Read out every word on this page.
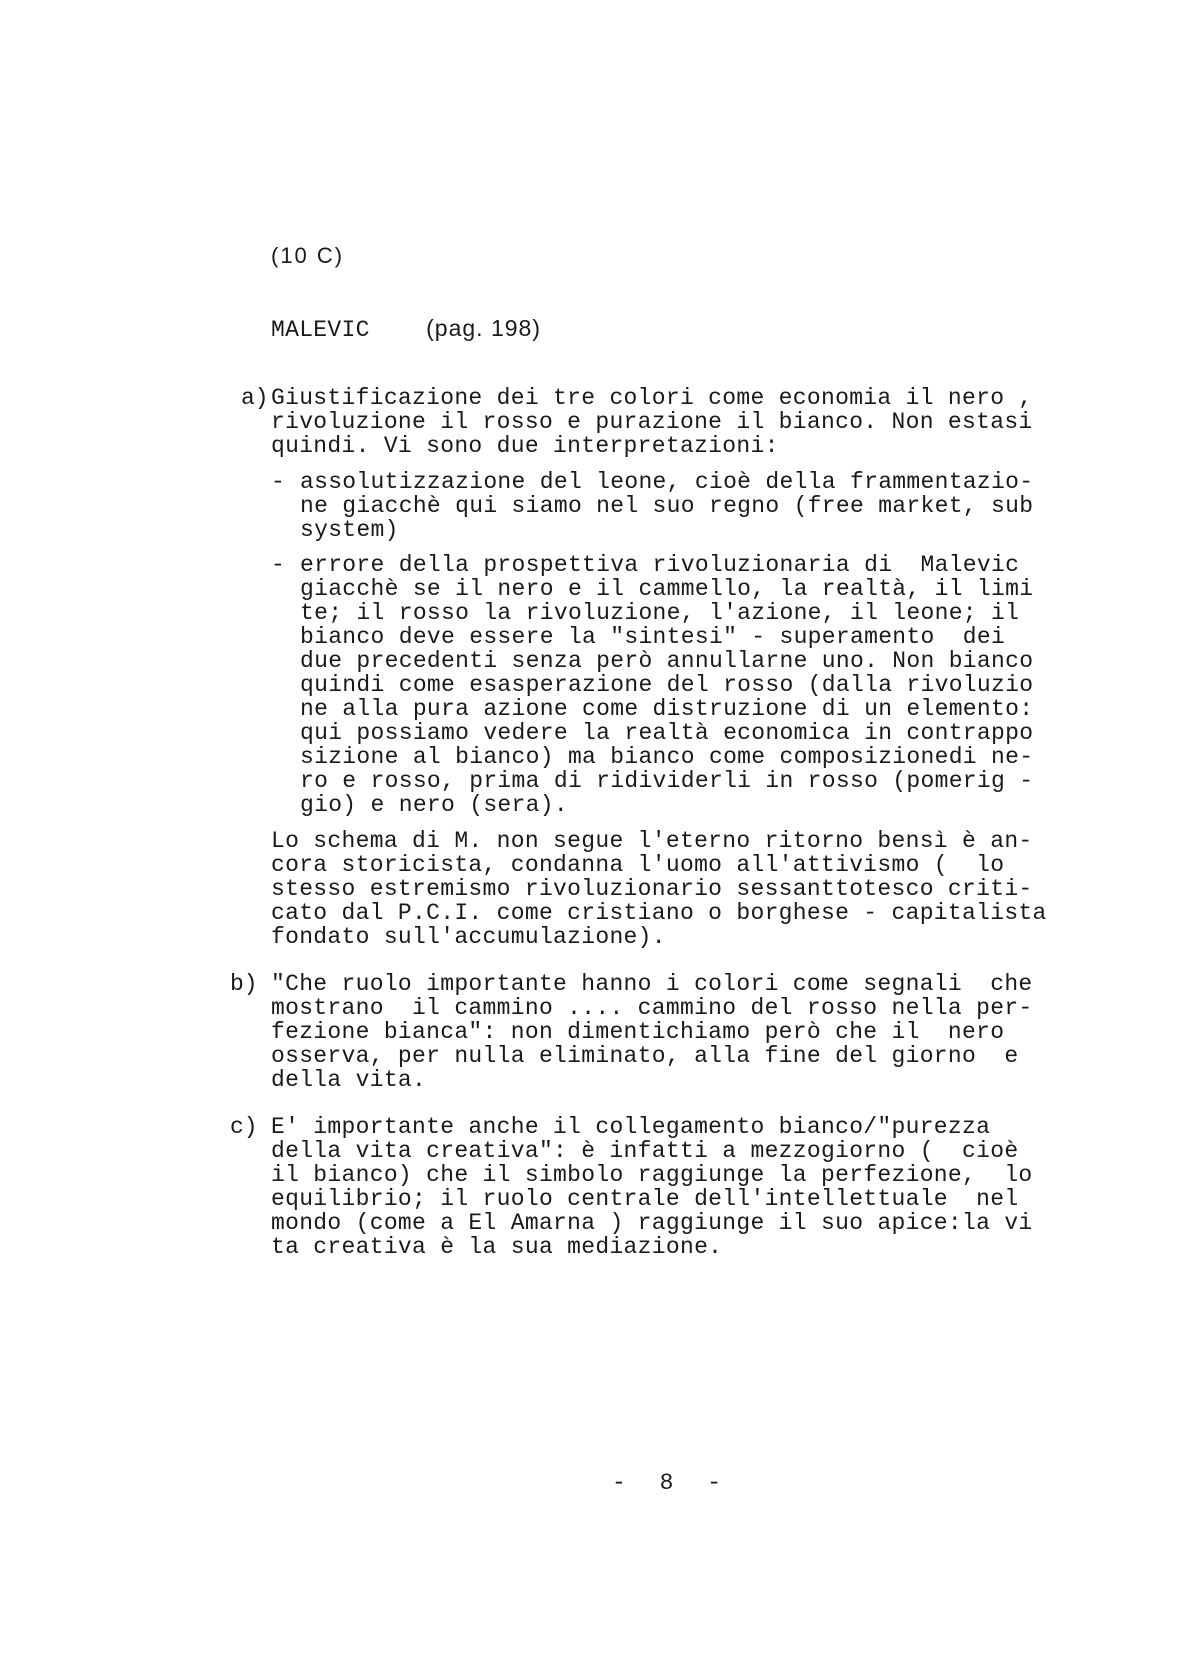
(10 C)
MALEVIC (pag. 198)
a) Giustificazione dei tre colori come economia il nero ,
rivoluzione il rosso e purazione il bianco. Non estasi
quindi. Vi sono due interpretazioni:
- assolutizzazione del leone, cioè della frammentazio-
ne giacchè qui siamo nel suo regno (free market, sub
system)
- errore della prospettiva rivoluzionaria di  Malevic
giacchè se il nero e il cammello, la realtà, il limi
te; il rosso la rivoluzione, l'azione, il leone; il
bianco deve essere la "sintesi" - superamento  dei
due precedenti senza però annullarne uno. Non bianco
quindi come esasperazione del rosso (dalla rivoluzio
ne alla pura azione come distruzione di un elemento:
qui possiamo vedere la realtà economica in contrappo
sizione al bianco) ma bianco come composizionedi ne-
ro e rosso, prima di ridividerli in rosso (pomerig -
gio) e nero (sera).
Lo schema di M. non segue l'eterno ritorno bensì è an-
cora storicista, condanna l'uomo all'attivismo (  lo
stesso estremismo rivoluzionario sessanttotesco criti-
cato dal P.C.I. come cristiano o borghese - capitalista
fondato sull'accumulazione).
b) "Che ruolo importante hanno i colori come segnali  che
mostrano  il cammino .... cammino del rosso nella per-
fezione bianca": non dimentichiamo però che il  nero
osserva, per nulla eliminato, alla fine del giorno  e
della vita.
c) E' importante anche il collegamento bianco/"purezza
della vita creativa": è infatti a mezzogiorno (  cioè
il bianco) che il simbolo raggiunge la perfezione,  lo
equilibrio; il ruolo centrale dell'intellettuale  nel
mondo (come a El Amarna ) raggiunge il suo apice:la vi
ta creativa è la sua mediazione.
- 8 -
